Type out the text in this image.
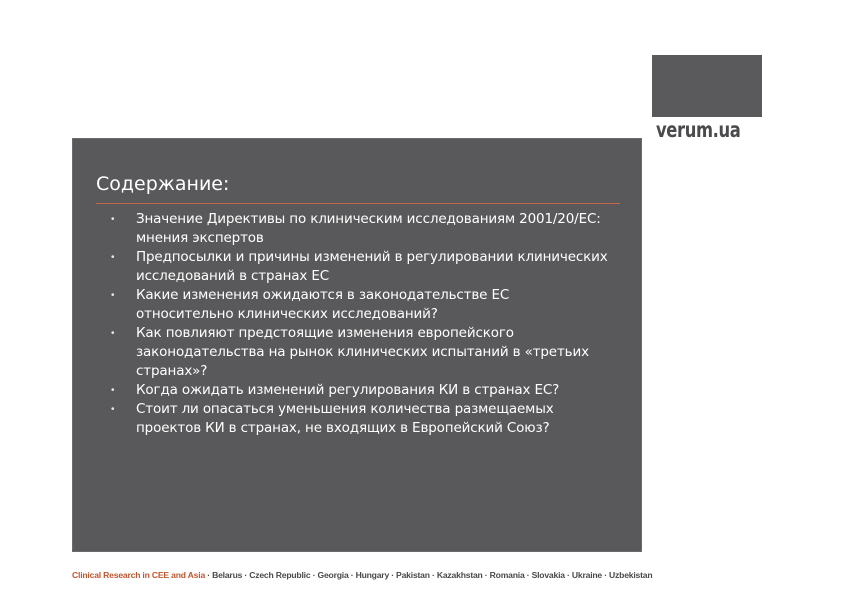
verum.ua
Содержание:
• Значение Директивы по клиническим исследованиям 2001/20/ЕС:
мнения экспертов
• Предпосылки и причины изменений в регулировании клинических
исследований в странах ЕС
• Какие изменения ожидаются в законодательстве ЕС
относительно клинических исследований?
• Как повлияют предстоящие изменения европейского
законодательства на рынок клинических испытаний в «третьих
странах»?
• Когда ожидать изменений регулирования КИ в странах ЕС?
• Стоит ли опасаться уменьшения количества размещаемых
проектов КИ в странах, не входящих в Европейский Союз?
Clinical Research in CEE and Asia · Belarus · Czech Republic · Georgia · Hungary · Pakistan · Kazakhstan · Romania · Slovakia · Ukraine · Uzbekistan
